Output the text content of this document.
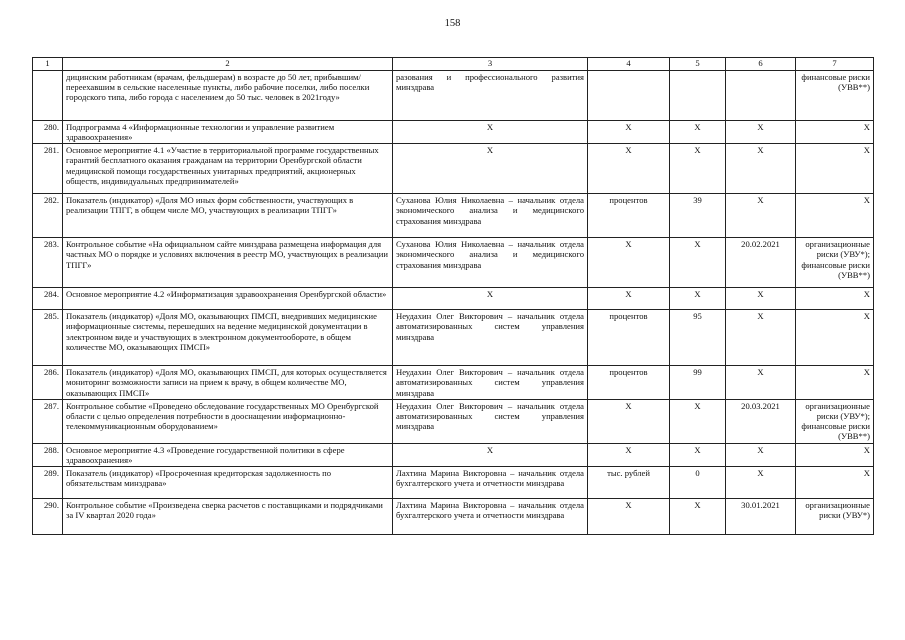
158
1	2	3	4	5	6	7
	дицинским работникам (врачам, фельдшерам) в возрасте до 50 лет, прибывшим/переехавшим в сельские населенные пункты, либо рабочие поселки, либо поселки городского типа, либо города с населением до 50 тыс. человек в 2021году»	разования и профессионального развития минздрава				финансовые риски (УВВ**)
280.	Подпрограмма 4 «Информационные технологии и управление развитием здравоохранения»	X	X	X	X	X
281.	Основное мероприятие 4.1 «Участие в территориальной программе государственных гарантий бесплатного оказания гражданам на территории Оренбургской области медицинской помощи государственных унитарных предприятий, акционерных обществ, индивидуальных предпринимателей»	X	X	X	X	X
282.	Показатель (индикатор) «Доля МО иных форм собственности, участвующих в реализации ТПГГ, в общем числе МО, участвующих в реализации ТПГГ»	Суханова Юлия Николаевна – начальник отдела экономического анализа и медицинского страхования минздрава	процентов	39	X	X
283.	Контрольное событие «На официальном сайте минздрава размещена информация для частных МО о порядке и условиях включения в реестр МО, участвующих в реализации ТПГГ»	Суханова Юлия Николаевна – начальник отдела экономического анализа и медицинского страхования минздрава	X	X	20.02.2021	организационные риски (УВУ*); финансовые риски (УВВ**)
284.	Основное мероприятие 4.2 «Информатизация здравоохранения Оренбургской области»	X	X	X	X	X
285.	Показатель (индикатор) «Доля МО, оказывающих ПМСП, внедривших медицинские информационные системы, перешедших на ведение медицинской документации в электронном виде и участвующих в электронном документообороте, в общем количестве МО, оказывающих ПМСП»	Неудахин Олег Викторович – начальник отдела автоматизированных систем управления минздрава	процентов	95	X	X
286.	Показатель (индикатор) «Доля МО, оказывающих ПМСП, для которых осуществляется мониторинг возможности записи на прием к врачу, в общем количестве МО, оказывающих ПМСП»	Неудахин Олег Викторович – начальник отдела автоматизированных систем управления минздрава	процентов	99	X	X
287.	Контрольное событие «Проведено обследование государственных МО Оренбургской области с целью определения потребности в дооснащении информационно-телекоммуникационным оборудованием»	Неудахин Олег Викторович – начальник отдела автоматизированных систем управления минздрава	X	X	20.03.2021	организационные риски (УВУ*); финансовые риски (УВВ**)
288.	Основное мероприятие 4.3 «Проведение государственной политики в сфере здравоохранения»	X	X	X	X	X
289.	Показатель (индикатор) «Просроченная кредиторская задолженность по обязательствам минздрава»	Лахтина Марина Викторовна – начальник отдела бухгалтерского учета и отчетности минздрава	тыс. рублей	0	X	X
290.	Контрольное событие «Произведена сверка расчетов с поставщиками и подрядчиками за IV квартал 2020 года»	Лахтина Марина Викторовна – начальник отдела бухгалтерского учета и отчетности минздрава	X	X	30.01.2021	организационные риски (УВУ*)
